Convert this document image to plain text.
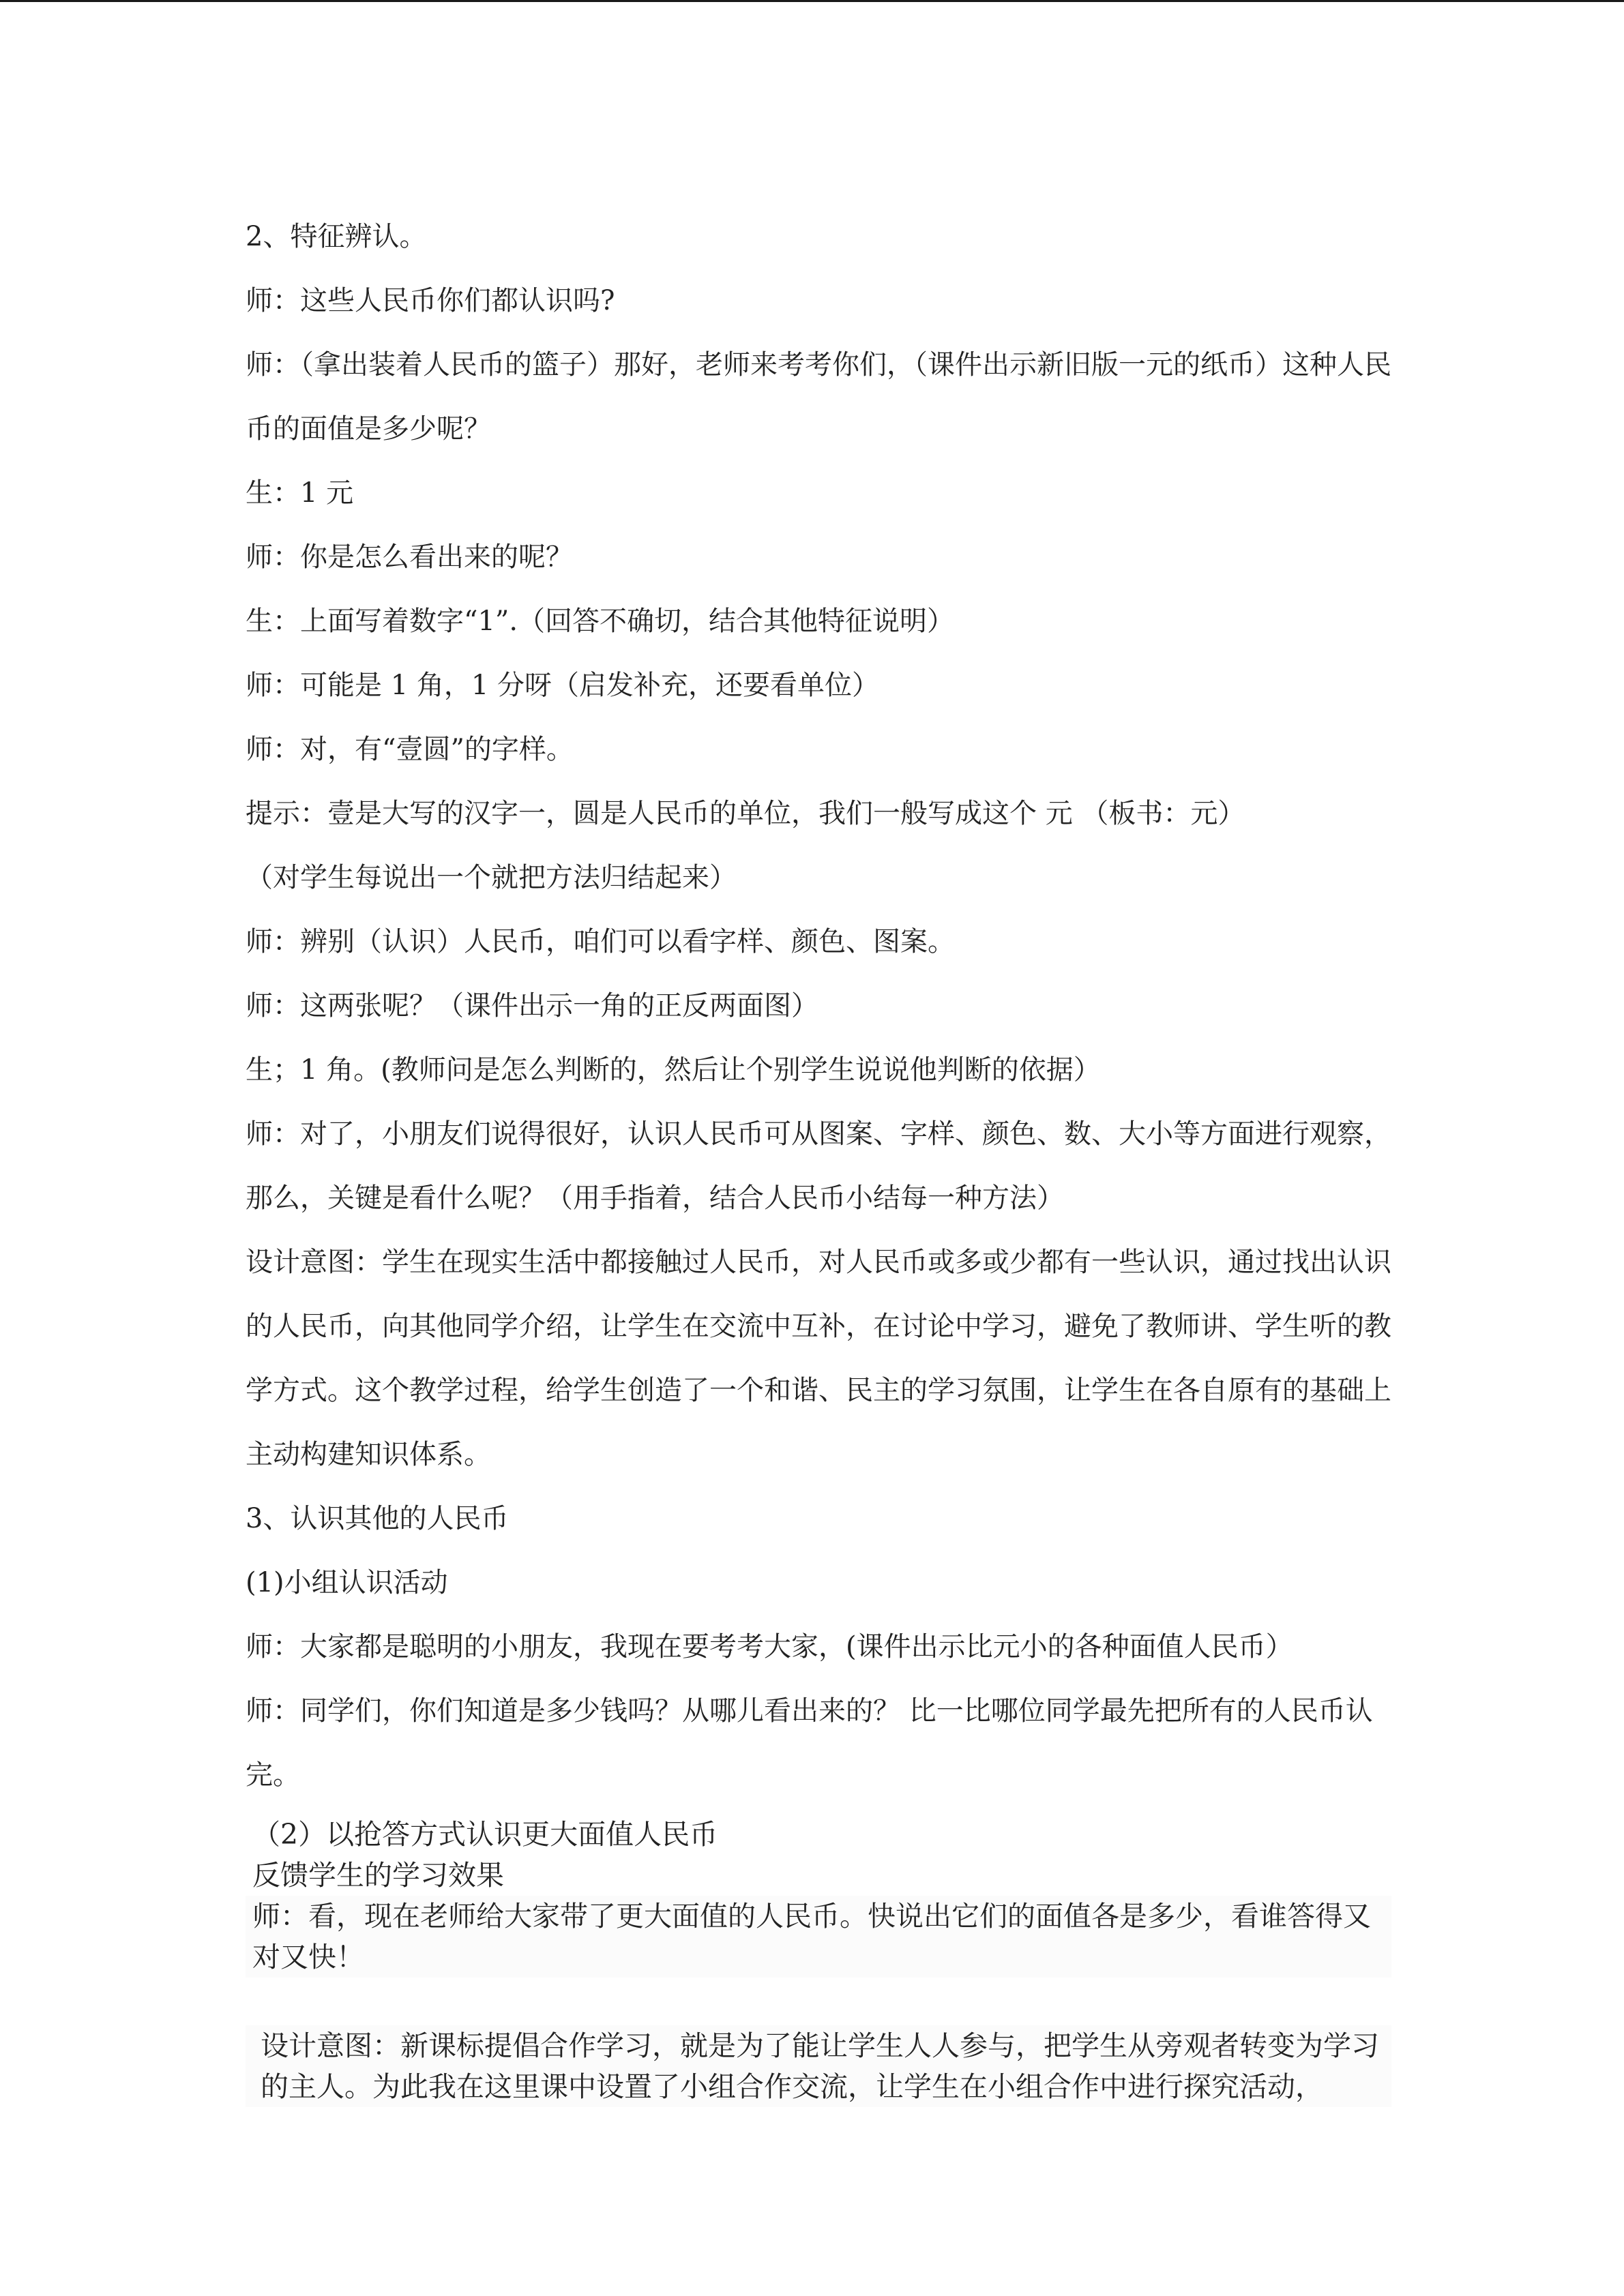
2、特征辨认。

师：这些人民币你们都认识吗?

师：（拿出装着人民币的篮子）那好，老师来考考你们，（课件出示新旧版一元的纸币）这种人民币的面值是多少呢？

生：1 元

师：你是怎么看出来的呢？

生：上面写着数字“1”.（回答不确切，结合其他特征说明）

师：可能是 1 角，1 分呀（启发补充，还要看单位）

师：对，有“壹圆”的字样。

提示：壹是大写的汉字一，圆是人民币的单位，我们一般写成这个 元 （板书：元）

（对学生每说出一个就把方法归结起来）

师：辨别（认识）人民币，咱们可以看字样、颜色、图案。

师：这两张呢？（课件出示一角的正反两面图）

生；1 角。(教师问是怎么判断的，然后让个别学生说说他判断的依据）

师：对了，小朋友们说得很好，认识人民币可从图案、字样、颜色、数、大小等方面进行观察，那么，关键是看什么呢？（用手指着，结合人民币小结每一种方法）

设计意图：学生在现实生活中都接触过人民币，对人民币或多或少都有一些认识，通过找出认识的人民币，向其他同学介绍，让学生在交流中互补，在讨论中学习，避免了教师讲、学生听的教学方式。这个教学过程，给学生创造了一个和谐、民主的学习氛围，让学生在各自原有的基础上主动构建知识体系。

3、认识其他的人民币

(1)小组认识活动

师：大家都是聪明的小朋友，我现在要考考大家，(课件出示比元小的各种面值人民币）

师：同学们，你们知道是多少钱吗？从哪儿看出来的？ 比一比哪位同学最先把所有的人民币认完。

（2）以抢答方式认识更大面值人民币

反馈学生的学习效果

师：看，现在老师给大家带了更大面值的人民币。快说出它们的面值各是多少，看谁答得又对又快！

设计意图：新课标提倡合作学习，就是为了能让学生人人参与，把学生从旁观者转变为学习的主人。为此我在这里课中设置了小组合作交流，让学生在小组合作中进行探究活动，
